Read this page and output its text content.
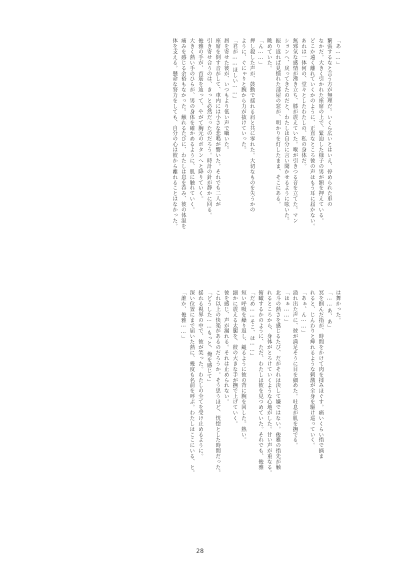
「あ……」
繁張するなと言う方が無理だ。いくら広いとはいえ、停められた車の
なかだ。大きく引かれた座席の上で、緊迫した様子の男が額を押えている。
どこか遠く離れていくかのように、正直なところ彼の声はもう耳に届かない。
あれは一体何の、堂々としたわたしの、私の身体だ。
無邪気な感情が沸き立ち、膝が震えていた。喉が引きつる音を立てた。マン
ションへ、戻ってきたのだと、わたしは自分に言い聞かせるように呟いた。
振り返れば見慣れた部屋の窓が、明かりを灯したまま、そこにある。
眺めていた。
「ん……」
押し殺した声が、鼓動で揺れる肩と共に零れた。大切なものを失うかの
ように、ぐにゃりと腕から力が抜けていった。
「君が……ほしい……」
唇を寄せた彼が、いつもより低い声で囁いた。
座席を倒す音がして、車内には小さな悲鳴が響いた。それでも二人が
引き寄せ合うのは、きっと必然だったのだろう。時計の針が静かに回る。
俊雅の手が、首筋を辿って、やがて胸元のボタンへと降りていく。
大きく熱い手のひらが、男の身体を確かめるように、肌に触れていく。
痛みを感じる余裕もなかった。触れるたびに、わたしは息を呑み、彼の体温を
体を支える。懸命な努力をしても、自分の心は彼から離れることはなかった。
は舞かった。
「……あ、あ」
冥を掴んだ指が、時間をかけて肉を揉みほぐす。痛いくらい指で摘ま
れると、じんわりと痺れるような刺激が全身を駆け巡っていく。
「あぁ、ん……」
溢れ出た声に、彼が満足そうに目を細めた。吐息が肌を撫でる。
「はぁ……」
北斗の熱さを感じるたび、だがそれは決して嫌ではない。俊雅の指先が触
れるところから、身体がとろけていくような心地がした。甘い声が重なる。
俯瞰するかのように、ただ、わたしは彼を見つめていた。それでも、俊雅
「だめ……そこ、は……」
短い呼吸を繰り返し、縋るように彼の背に腕を回した。熱い。
細かに震える太腿を、彼の大きな手が撫で上げていく。
彼を感じ、声が漏れる。それは止められない。
これ以上の快楽があるのだろうか。そう思うほど、恍惚とした時間だった。
「どうした……もっと、俺を感じて」
揺れる視界の中で、彼が笑った。わたしの全てを受け止めるように。
深い位置にまで届いた熱に、幾度も名前を呼ぶ。わたしはここにいる、と。
「誰か、俊雅……」
28
